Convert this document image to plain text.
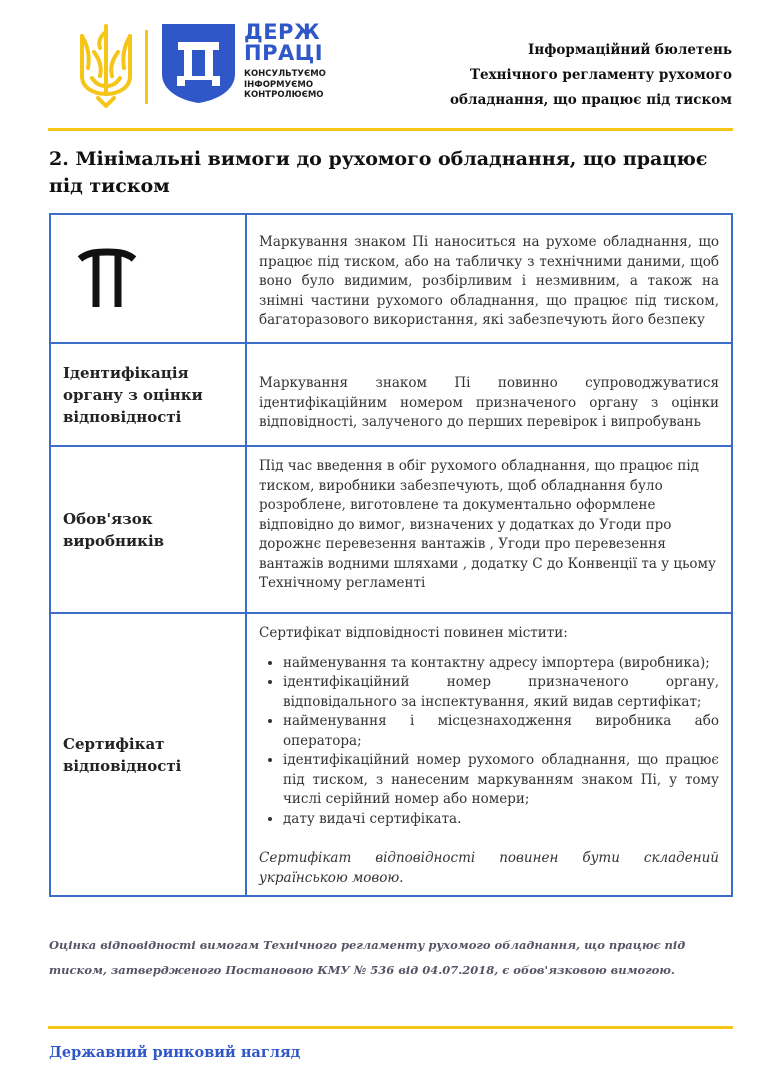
ДЕРЖ
ПРАЦІ
КОНСУЛЬТУЄМО
ІНФОРМУЄМО
КОНТРОЛЮЄМО
Інформаційний бюлетень
Технічного регламенту рухомого
обладнання, що працює під тиском
2. Мінімальні вимоги до рухомого обладнання, що працює під тиском
Маркування знаком Пі наноситься на рухоме обладнання, що працює під тиском, або на табличку з технічними даними, щоб воно було видимим, розбірливим і незмивним, а також на знімні частини рухомого обладнання, що працює під тиском, багаторазового використання, які забезпечують його безпеку
Ідентифікація органу з оцінки відповідності
Маркування знаком Пі повинно супроводжуватися ідентифікаційним номером призначеного органу з оцінки відповідності, залученого до перших перевірок і випробувань
Обов'язок виробників
Під час введення в обіг рухомого обладнання, що працює під тиском, виробники забезпечують, щоб обладнання було розроблене, виготовлене та документально оформлене відповідно до вимог, визначених у додатках до Угоди про дорожнє перевезення вантажів , Угоди про перевезення вантажів водними шляхами , додатку С до Конвенції та у цьому Технічному регламенті
Сертифікат відповідності
Сертифікат відповідності повинен містити:
• найменування та контактну адресу імпортера (виробника);
• ідентифікаційний номер призначеного органу, відповідального за інспектування, який видав сертифікат;
• найменування і місцезнаходження виробника або оператора;
• ідентифікаційний номер рухомого обладнання, що працює під тиском, з нанесеним маркуванням знаком Пі, у тому числі серійний номер або номери;
• дату видачі сертифіката.
Сертифікат відповідності повинен бути складений українською мовою.
Оцінка відповідності вимогам Технічного регламенту рухомого обладнання, що працює під тиском, затвердженого Постановою КМУ № 536 від 04.07.2018, є обов'язковою вимогою.
Державний ринковий нагляд
